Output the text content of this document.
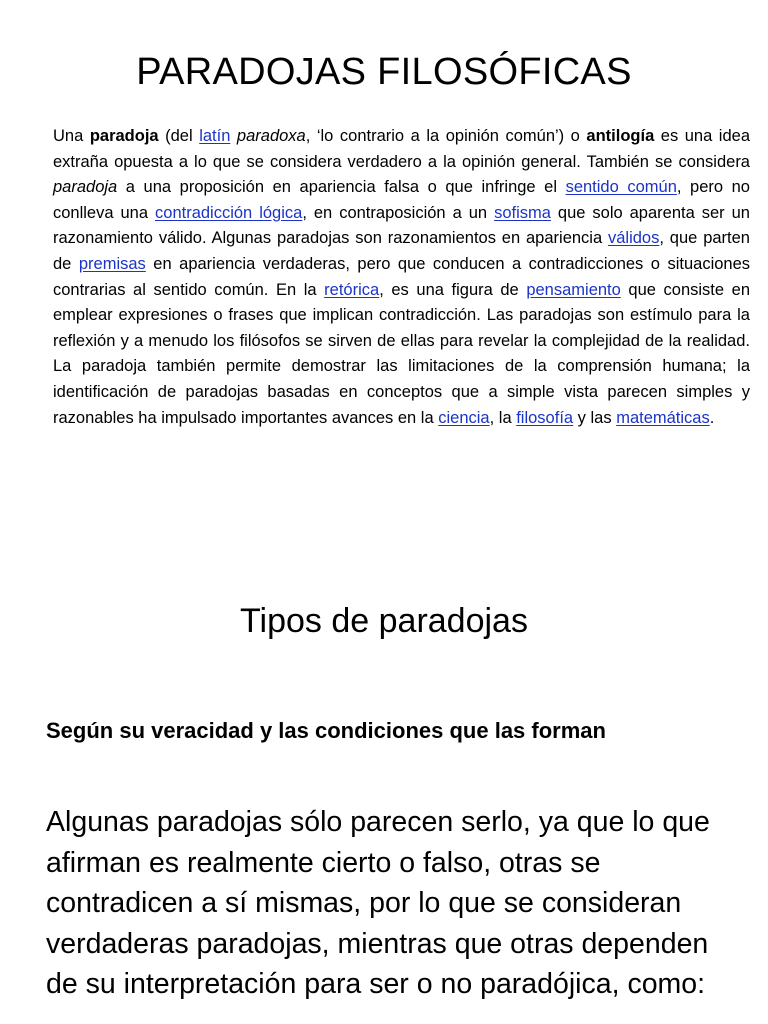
PARADOJAS FILOSÓFICAS

Una paradoja (del latín paradoxa, ‘lo contrario a la opinión común’) o antilogía es una idea extraña opuesta a lo que se considera verdadero a la opinión general. También se considera paradoja a una proposición en apariencia falsa o que infringe el sentido común, pero no conlleva una contradicción lógica, en contraposición a un sofisma que solo aparenta ser un razonamiento válido. Algunas paradojas son razonamientos en apariencia válidos, que parten de premisas en apariencia verdaderas, pero que conducen a contradicciones o situaciones contrarias al sentido común. En la retórica, es una figura de pensamiento que consiste en emplear expresiones o frases que implican contradicción. Las paradojas son estímulo para la reflexión y a menudo los filósofos se sirven de ellas para revelar la complejidad de la realidad. La paradoja también permite demostrar las limitaciones de la comprensión humana; la identificación de paradojas basadas en conceptos que a simple vista parecen simples y razonables ha impulsado importantes avances en la ciencia, la filosofía y las matemáticas.

Tipos de paradojas

Según su veracidad y las condiciones que las forman

Algunas paradojas sólo parecen serlo, ya que lo que afirman es realmente cierto o falso, otras se contradicen a sí mismas, por lo que se consideran verdaderas paradojas, mientras que otras dependen de su interpretación para ser o no paradójica, como:
